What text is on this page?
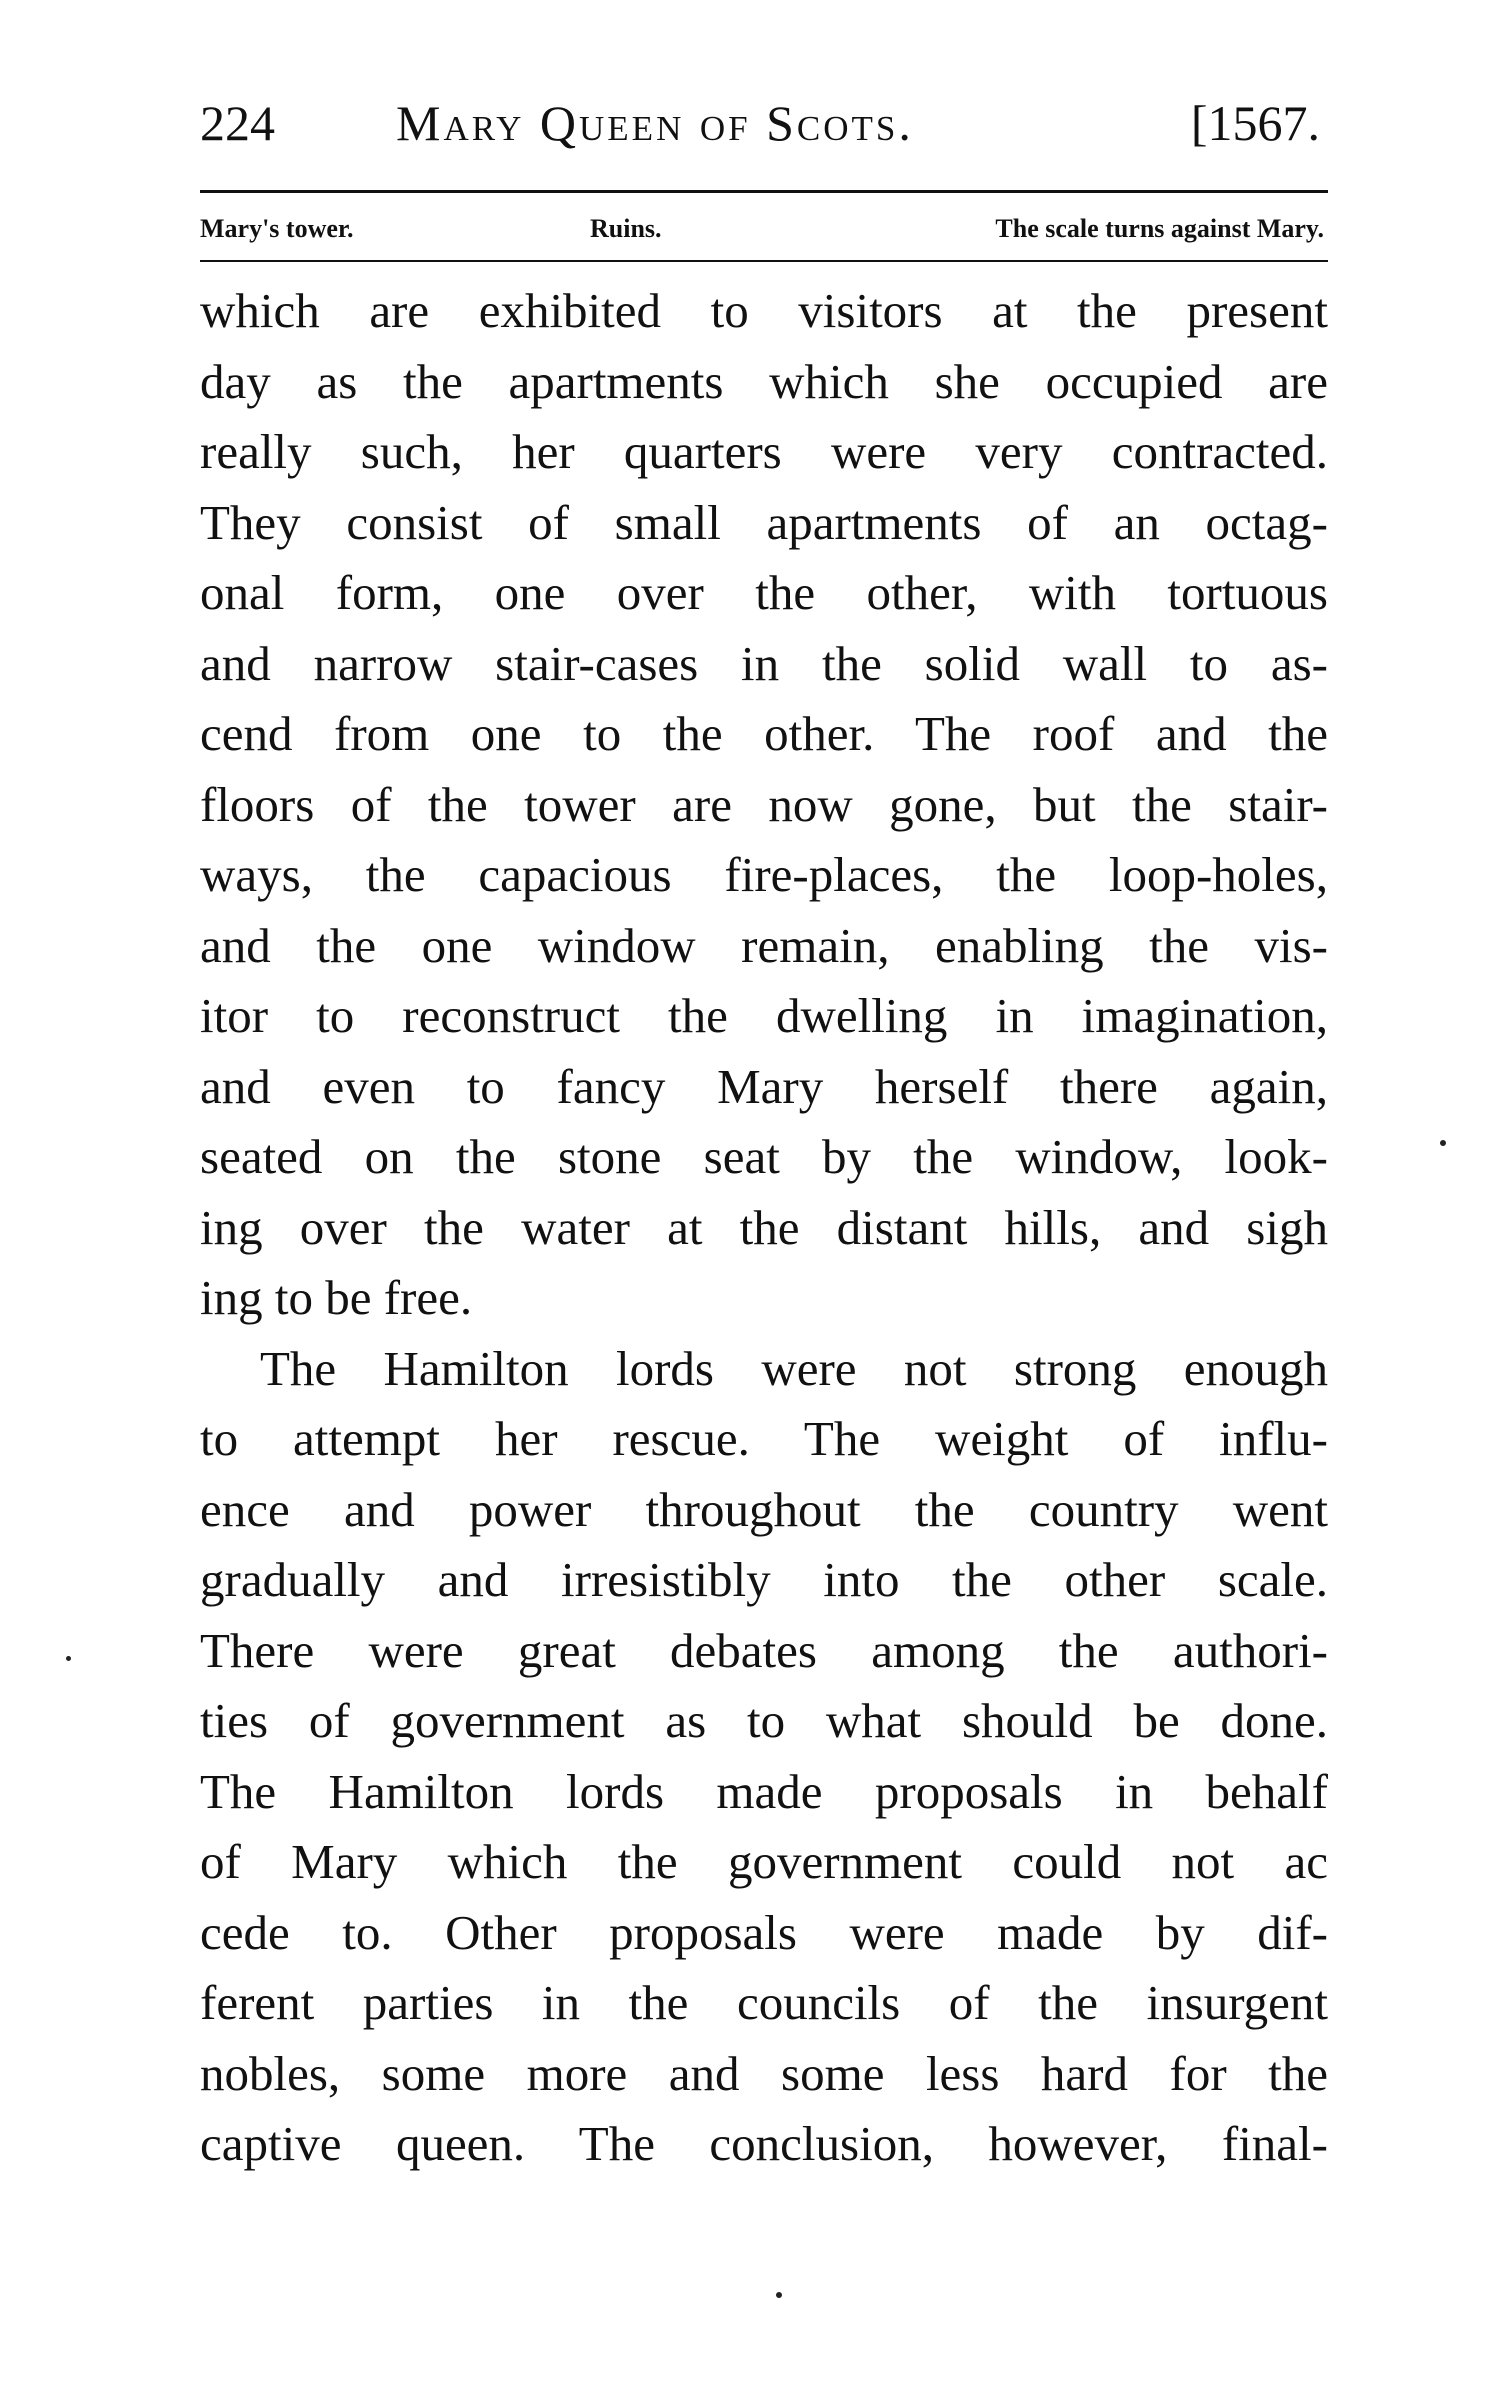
224 Mary Queen of Scots.	[1567.
Mary's tower.	Ruins.	The scale turns against Mary.
which are exhibited to visitors at the present
day as the apartments which she occupied are
really such, her quarters were very contracted.
They consist of small apartments of an octag-
onal form, one over the other, with tortuous
and narrow stair-cases in the solid wall to as-
cend from one to the other. The roof and the
floors of the tower are now gone, but the stair-
ways, the capacious fire-places, the loop-holes,
and the one window remain, enabling the vis-
itor to reconstruct the dwelling in imagination,
and even to fancy Mary herself there again,
seated on the stone seat by the window, look-
ing over the water at the distant hills, and sigh
ing to be free.
The Hamilton lords were not strong enough
to attempt her rescue. The weight of influ-
ence and power throughout the country went
gradually and irresistibly into the other scale.
There were great debates among the authori-
ties of government as to what should be done.
The Hamilton lords made proposals in behalf
of Mary which the government could not ac
cede to. Other proposals were made by dif-
ferent parties in the councils of the insurgent
nobles, some more and some less hard for the
captive queen. The conclusion, however, final-
